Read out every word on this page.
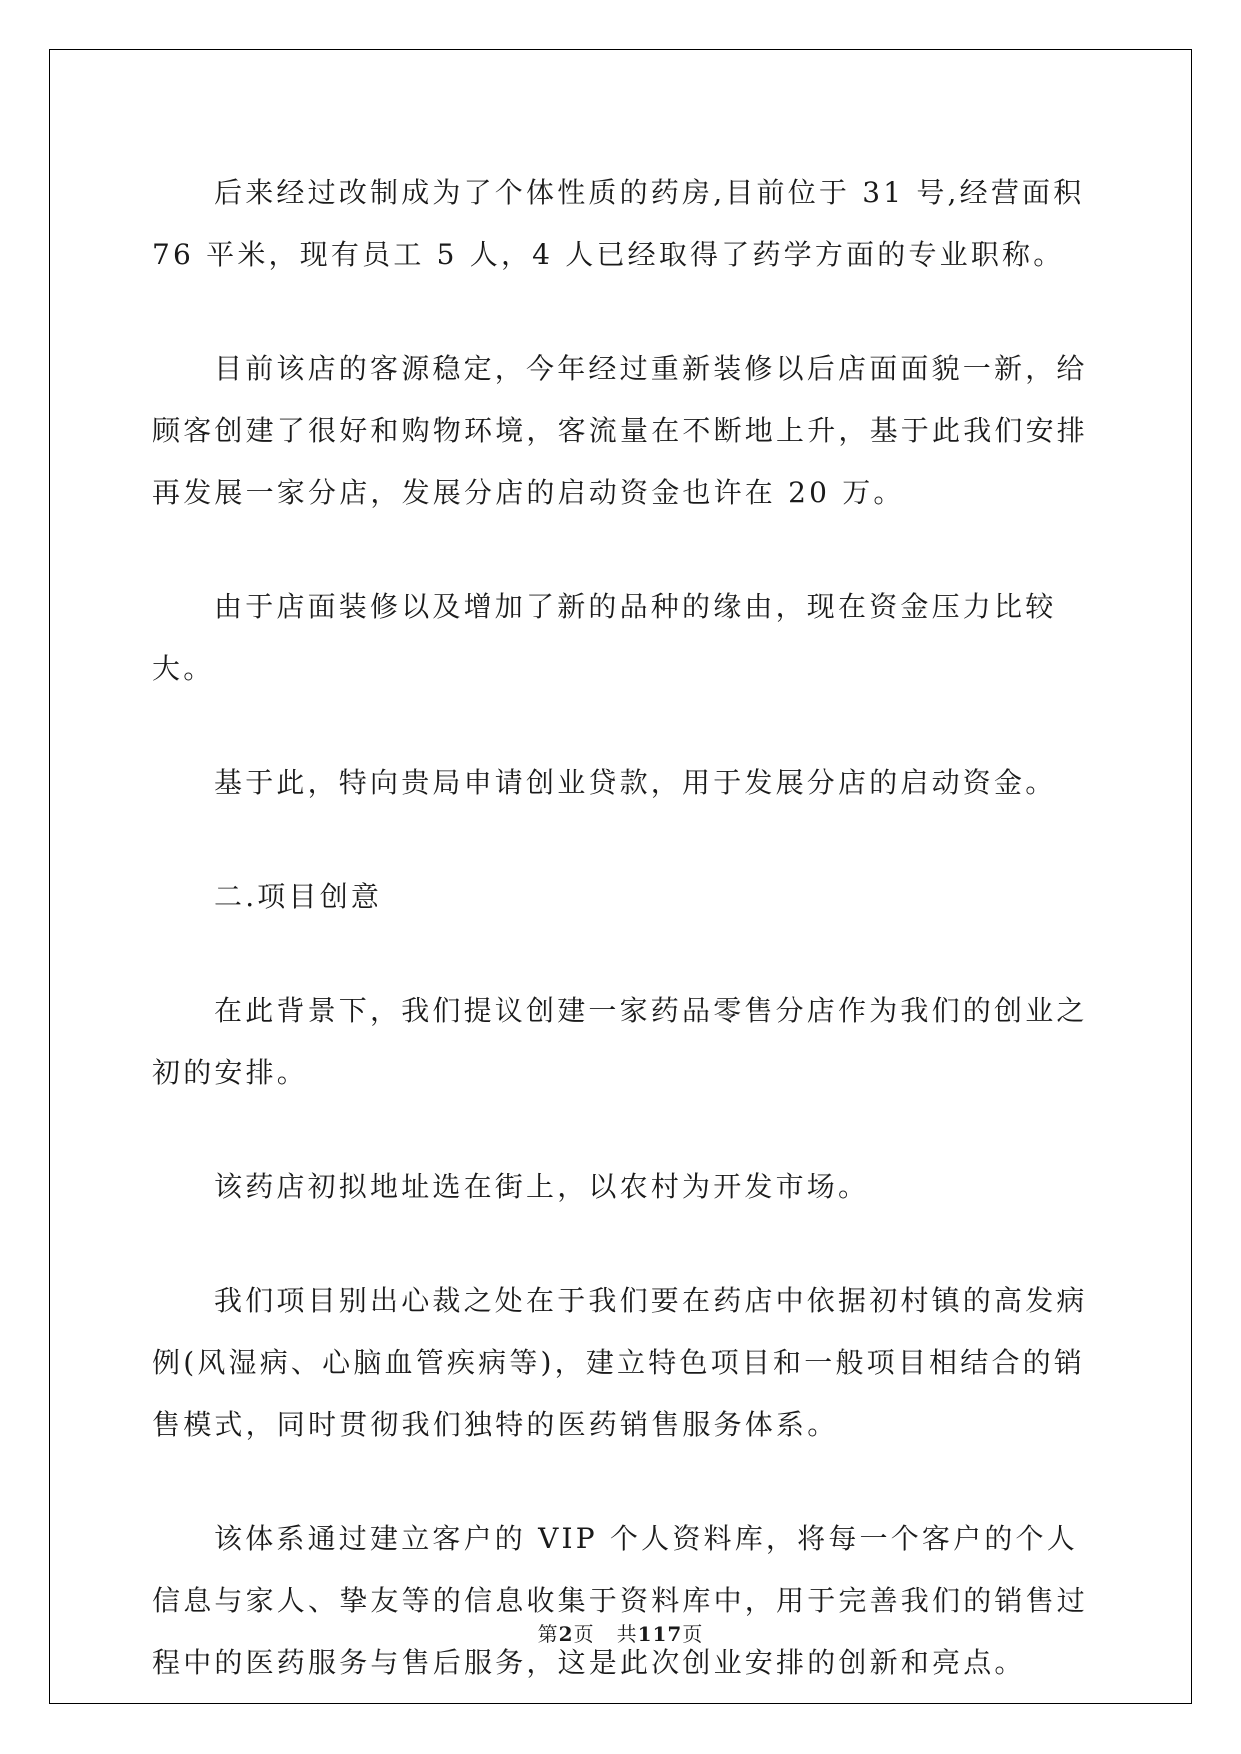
后来经过改制成为了个体性质的药房,目前位于 31 号,经营面积 76 平米，现有员工 5 人，4 人已经取得了药学方面的专业职称。

目前该店的客源稳定，今年经过重新装修以后店面面貌一新，给顾客创建了很好和购物环境，客流量在不断地上升，基于此我们安排再发展一家分店，发展分店的启动资金也许在 20 万。

由于店面装修以及增加了新的品种的缘由，现在资金压力比较大。

基于此，特向贵局申请创业贷款，用于发展分店的启动资金。

二.项目创意

在此背景下，我们提议创建一家药品零售分店作为我们的创业之初的安排。

该药店初拟地址选在街上，以农村为开发市场。

我们项目别出心裁之处在于我们要在药店中依据初村镇的高发病例(风湿病、心脑血管疾病等)，建立特色项目和一般项目相结合的销售模式，同时贯彻我们独特的医药销售服务体系。

该体系通过建立客户的 VIP 个人资料库，将每一个客户的个人信息与家人、挚友等的信息收集于资料库中，用于完善我们的销售过程中的医药服务与售后服务，这是此次创业安排的创新和亮点。

第2页 共117页
